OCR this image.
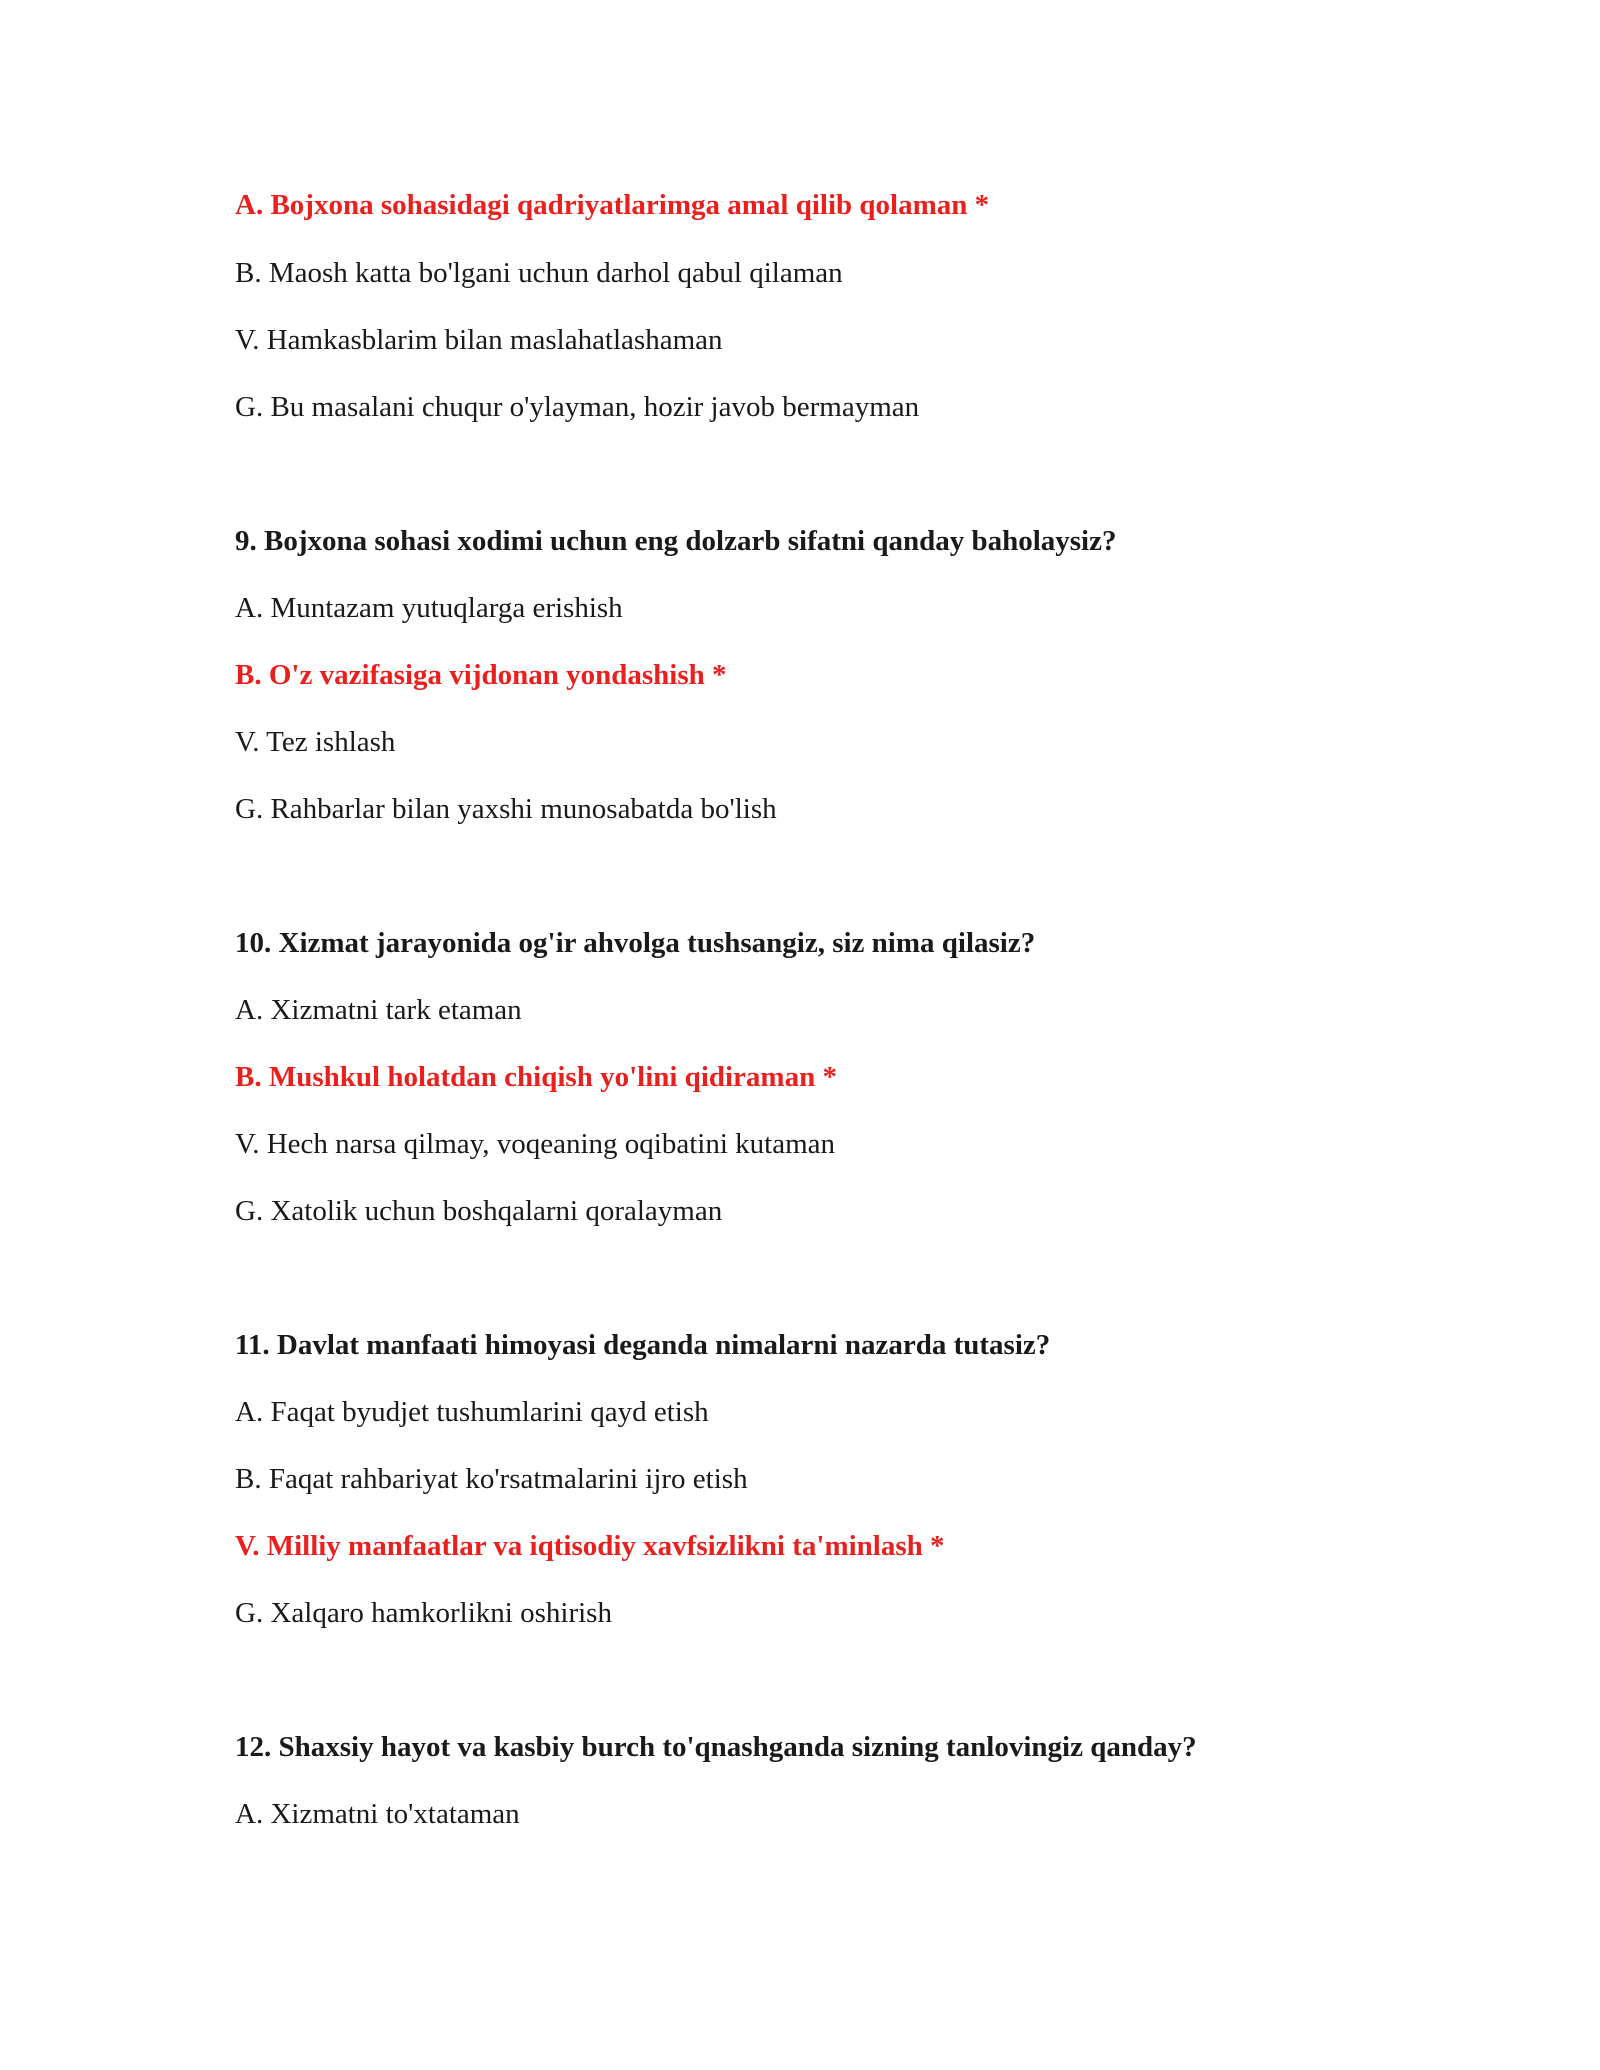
A. Bojxona sohasidagi qadriyatlarimga amal qilib qolaman *
B. Maosh katta bo'lgani uchun darhol qabul qilaman
V. Hamkasblarim bilan maslahatlashaman
G. Bu masalani chuqur o'ylayman, hozir javob bermayman
9. Bojxona sohasi xodimi uchun eng dolzarb sifatni qanday baholaysiz?
A. Muntazam yutuqlarga erishish
B. O'z vazifasiga vijdonan yondashish *
V. Tez ishlash
G. Rahbarlar bilan yaxshi munosabatda bo'lish
10. Xizmat jarayonida og'ir ahvolga tushsangiz, siz nima qilasiz?
A. Xizmatni tark etaman
B. Mushkul holatdan chiqish yo'lini qidiraman *
V. Hech narsa qilmay, voqeaning oqibatini kutaman
G. Xatolik uchun boshqalarni qoralayman
11. Davlat manfaati himoyasi deganda nimalarni nazarda tutasiz?
A. Faqat byudjet tushumlarini qayd etish
B. Faqat rahbariyat ko'rsatmalarini ijro etish
V. Milliy manfaatlar va iqtisodiy xavfsizlikni ta'minlash *
G. Xalqaro hamkorlikni oshirish
12. Shaxsiy hayot va kasbiy burch to'qnashganda sizning tanlovingiz qanday?
A. Xizmatni to'xtataman
